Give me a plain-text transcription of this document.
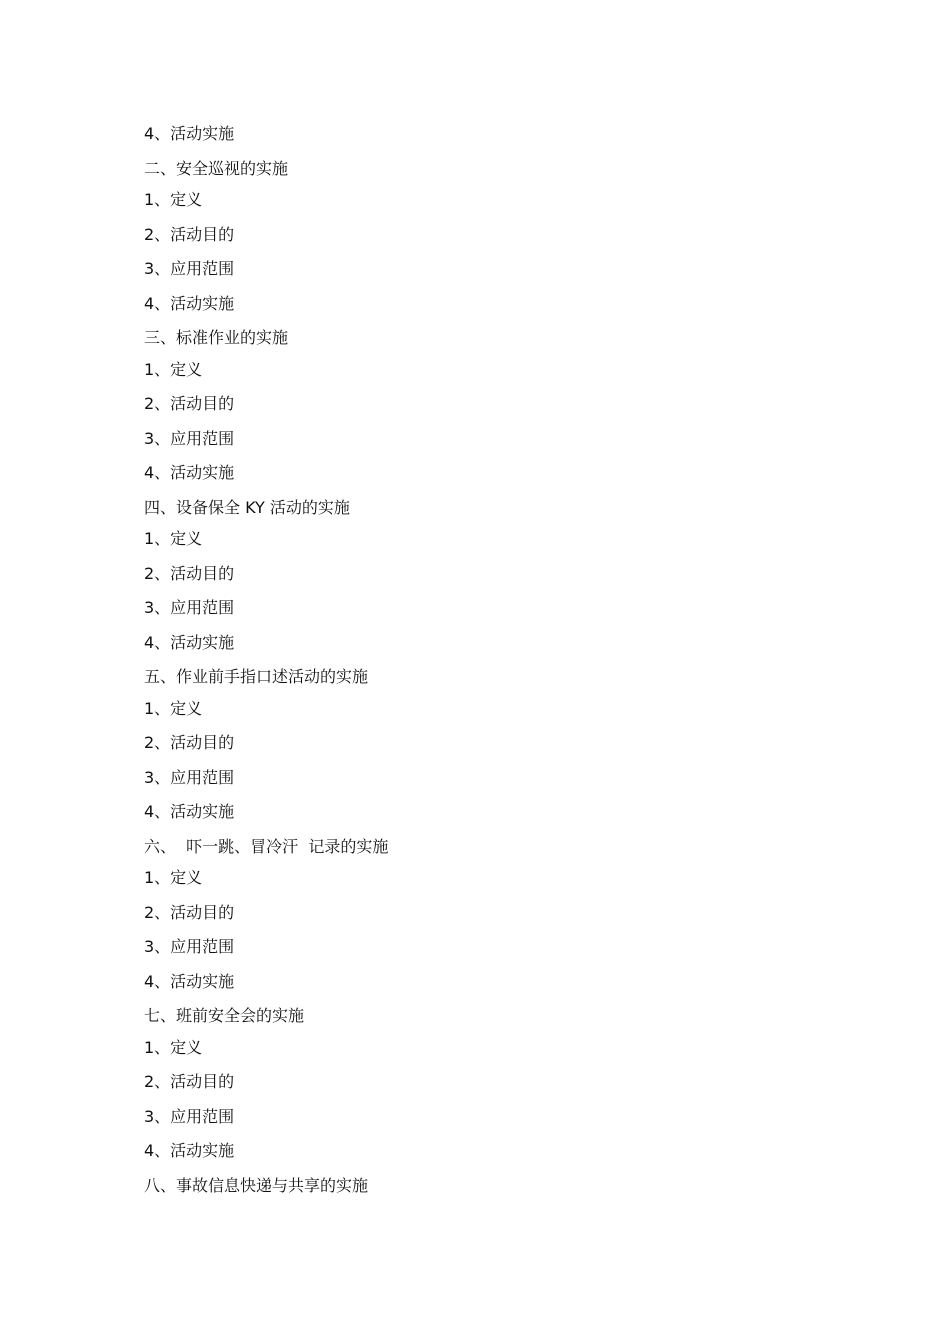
4、活动实施
二、安全巡视的实施
1、定义
2、活动目的
3、应用范围
4、活动实施
三、标准作业的实施
1、定义
2、活动目的
3、应用范围
4、活动实施
四、设备保全 KY 活动的实施
1、定义
2、活动目的
3、应用范围
4、活动实施
五、作业前手指口述活动的实施
1、定义
2、活动目的
3、应用范围
4、活动实施
六、  吓一跳、冒冷汗  记录的实施
1、定义
2、活动目的
3、应用范围
4、活动实施
七、班前安全会的实施
1、定义
2、活动目的
3、应用范围
4、活动实施
八、事故信息快递与共享的实施
